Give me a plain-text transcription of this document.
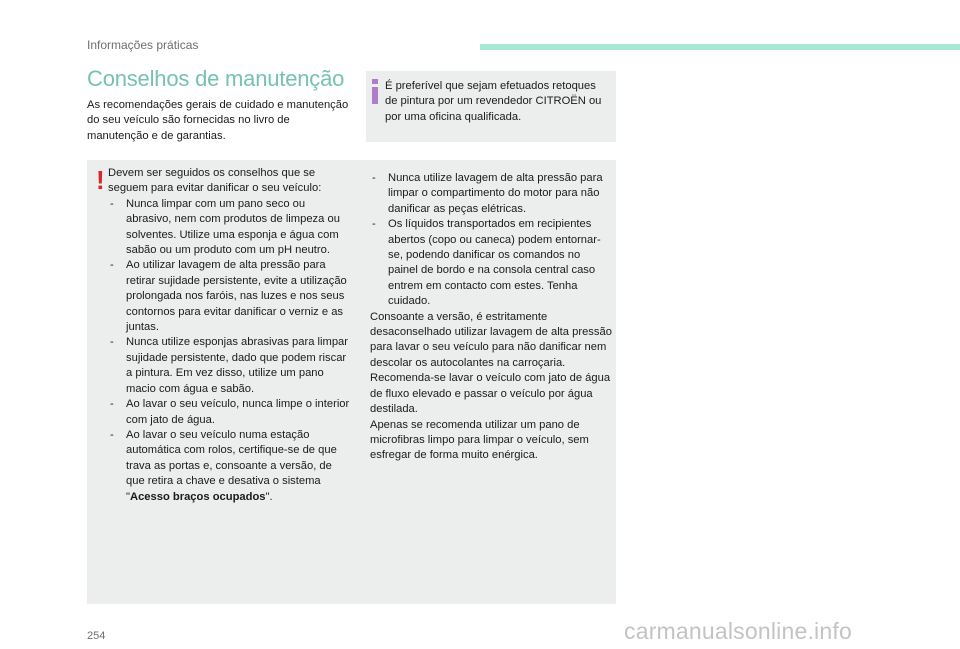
Informações práticas
Conselhos de manutenção
As recomendações gerais de cuidado e manutenção do seu veículo são fornecidas no livro de manutenção e de garantias.
É preferível que sejam efetuados retoques de pintura por um revendedor CITROËN ou por uma oficina qualificada.
! Devem ser seguidos os conselhos que se seguem para evitar danificar o seu veículo:

- Nunca limpar com um pano seco ou abrasivo, nem com produtos de limpeza ou solventes. Utilize uma esponja e água com sabão ou um produto com um pH neutro.
- Ao utilizar lavagem de alta pressão para retirar sujidade persistente, evite a utilização prolongada nos faróis, nas luzes e nos seus contornos para evitar danificar o verniz e as juntas.
- Nunca utilize esponjas abrasivas para limpar sujidade persistente, dado que podem riscar a pintura. Em vez disso, utilize um pano macio com água e sabão.
- Ao lavar o seu veículo, nunca limpe o interior com jato de água.
- Ao lavar o seu veículo numa estação automática com rolos, certifique-se de que trava as portas e, consoante a versão, de que retira a chave e desativa o sistema "Acesso braços ocupados".
- Nunca utilize lavagem de alta pressão para limpar o compartimento do motor para não danificar as peças elétricas.
- Os líquidos transportados em recipientes abertos (copo ou caneca) podem entornar-se, podendo danificar os comandos no painel de bordo e na consola central caso entrem em contacto com estes. Tenha cuidado.

Consoante a versão, é estritamente desaconselhado utilizar lavagem de alta pressão para lavar o seu veículo para não danificar nem descolar os autocolantes na carroçaria. Recomenda-se lavar o veículo com jato de água de fluxo elevado e passar o veículo por água destilada.

Apenas se recomenda utilizar um pano de microfibras limpo para limpar o veículo, sem esfregar de forma muito enérgica.

254	carmanualsonline.info
